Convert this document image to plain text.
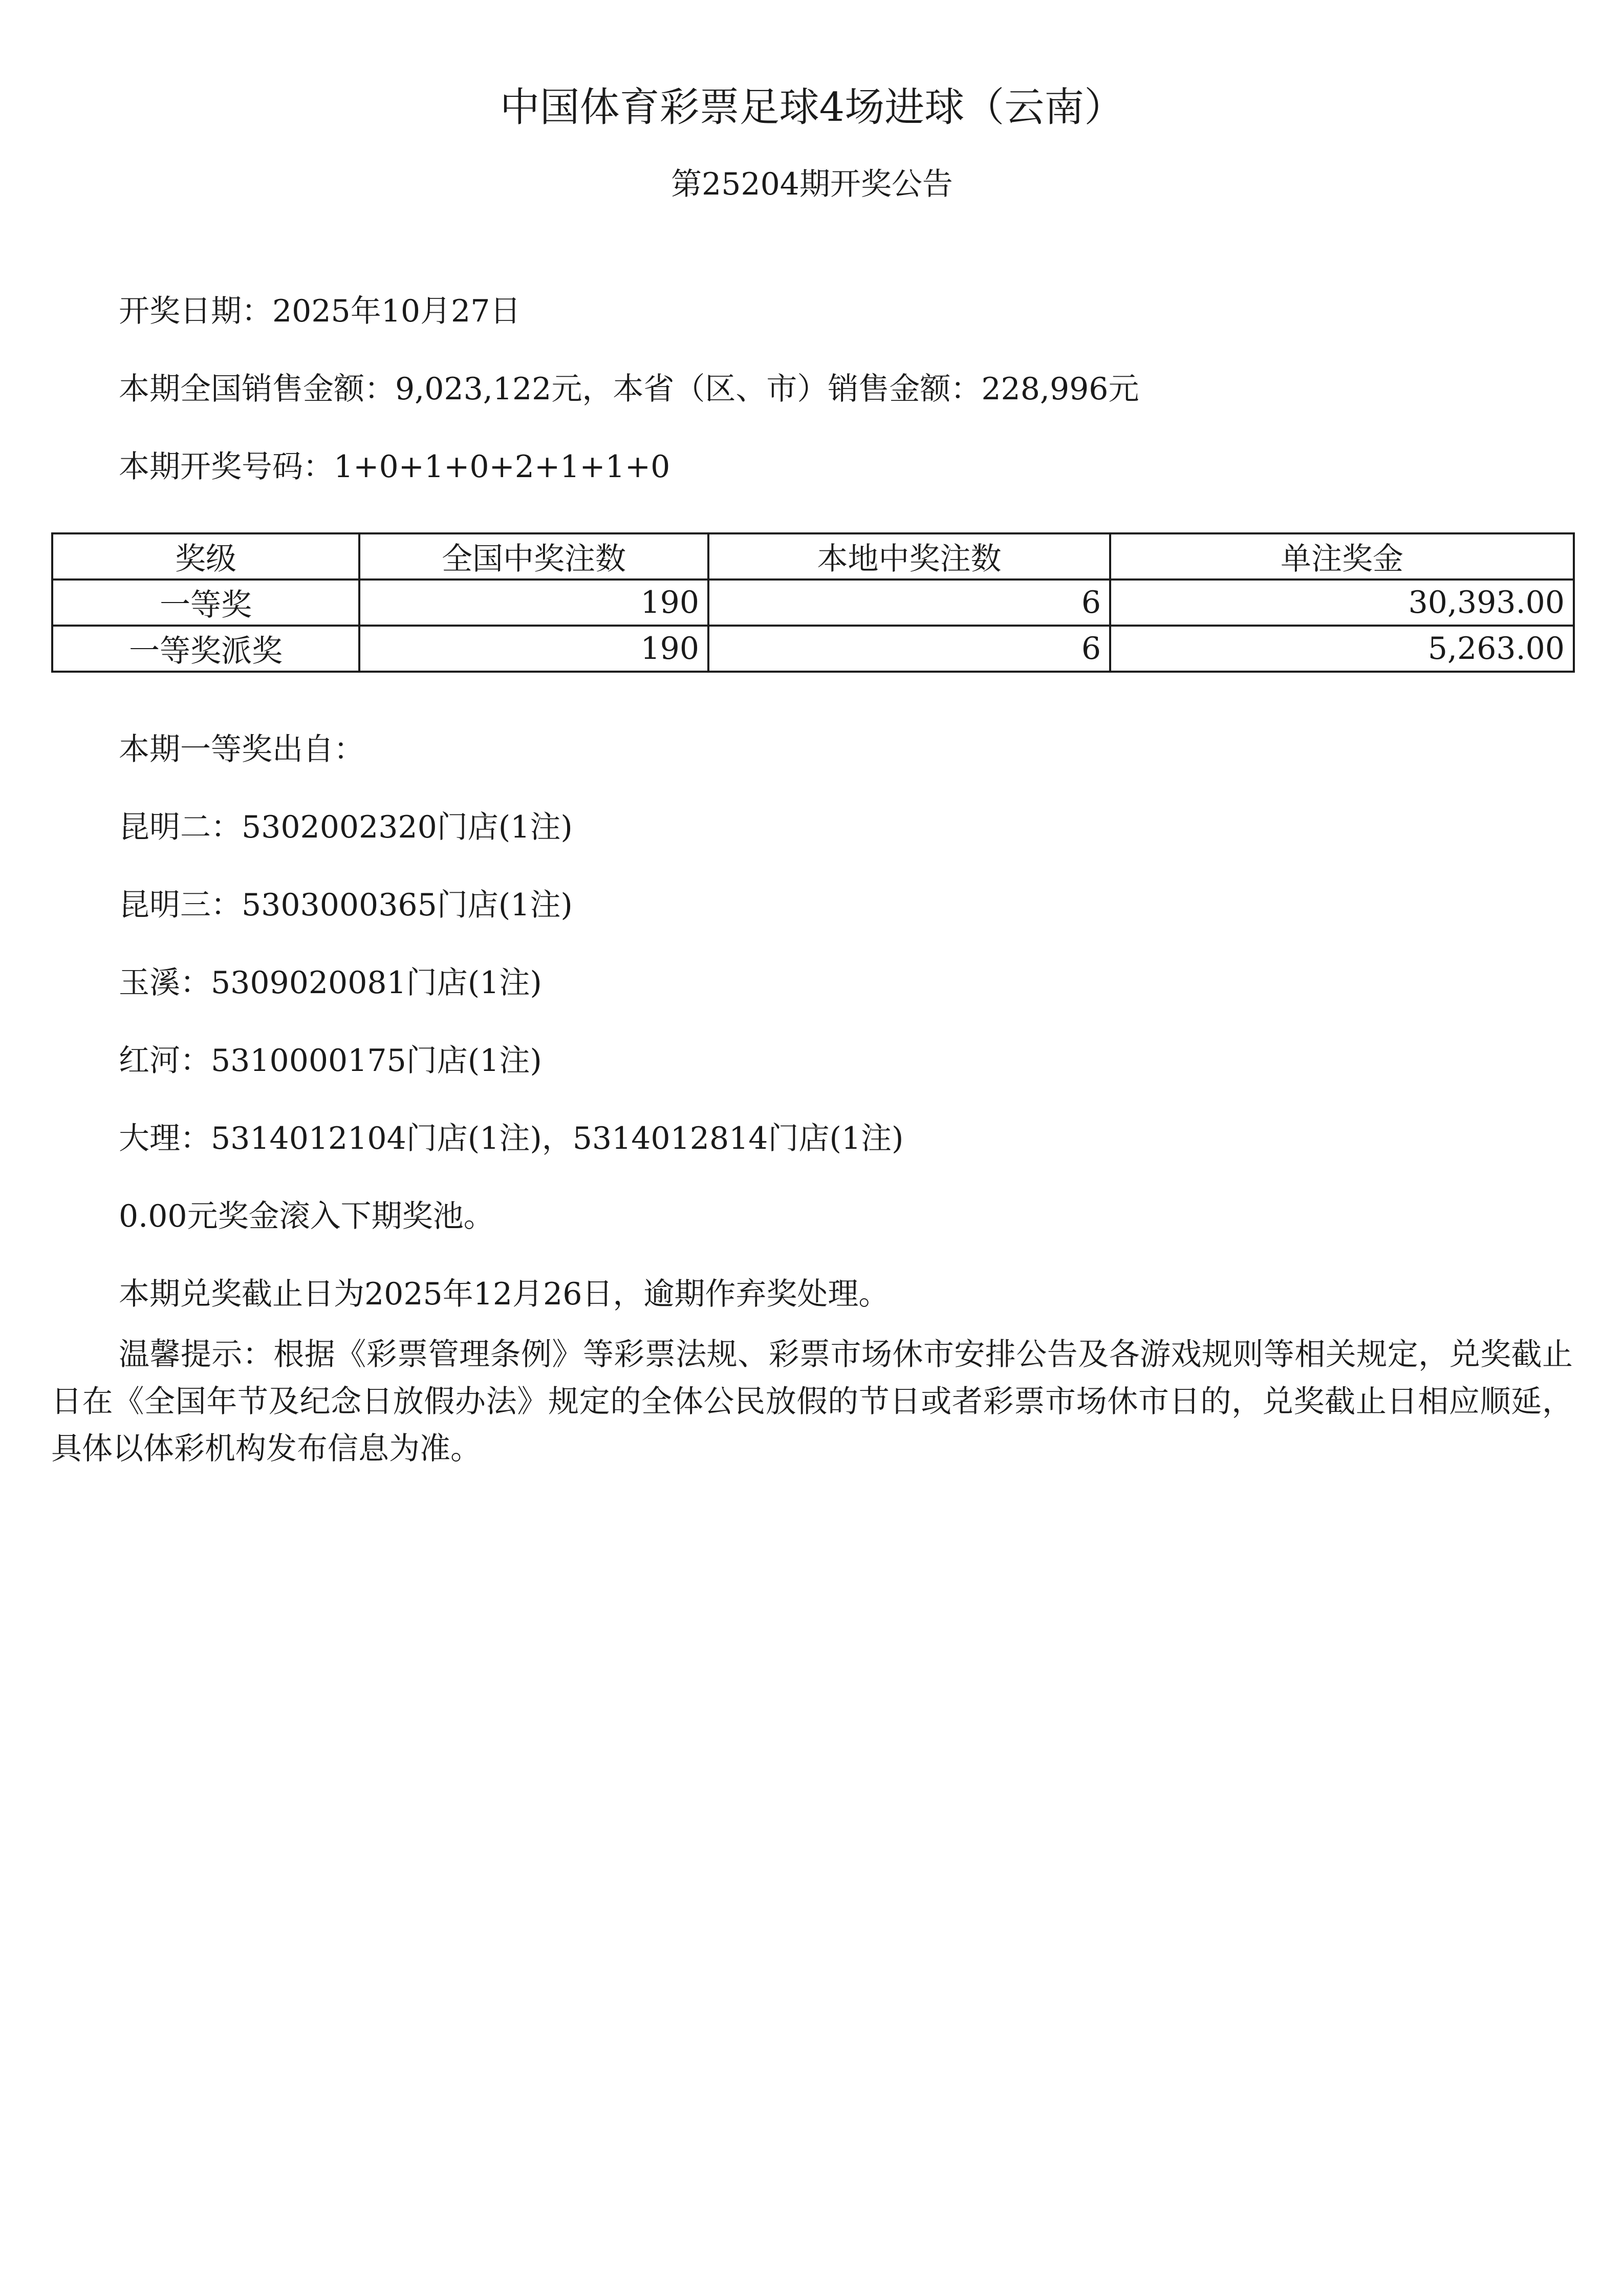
中国体育彩票足球4场进球（云南）
第25204期开奖公告
开奖日期：2025年10月27日
本期全国销售金额：9,023,122元，本省（区、市）销售金额：228,996元
本期开奖号码：1+0+1+0+2+1+1+0
奖级	全国中奖注数	本地中奖注数	单注奖金
一等奖	190	6	30,393.00
一等奖派奖	190	6	5,263.00
本期一等奖出自：
昆明二：5302002320门店(1注)
昆明三：5303000365门店(1注)
玉溪：5309020081门店(1注)
红河：5310000175门店(1注)
大理：5314012104门店(1注)，5314012814门店(1注)
0.00元奖金滚入下期奖池。
本期兑奖截止日为2025年12月26日，逾期作弃奖处理。
温馨提示：根据《彩票管理条例》等彩票法规、彩票市场休市安排公告及各游戏规则等相关规定，兑奖截止日在《全国年节及纪念日放假办法》规定的全体公民放假的节日或者彩票市场休市日的，兑奖截止日相应顺延，具体以体彩机构发布信息为准。
